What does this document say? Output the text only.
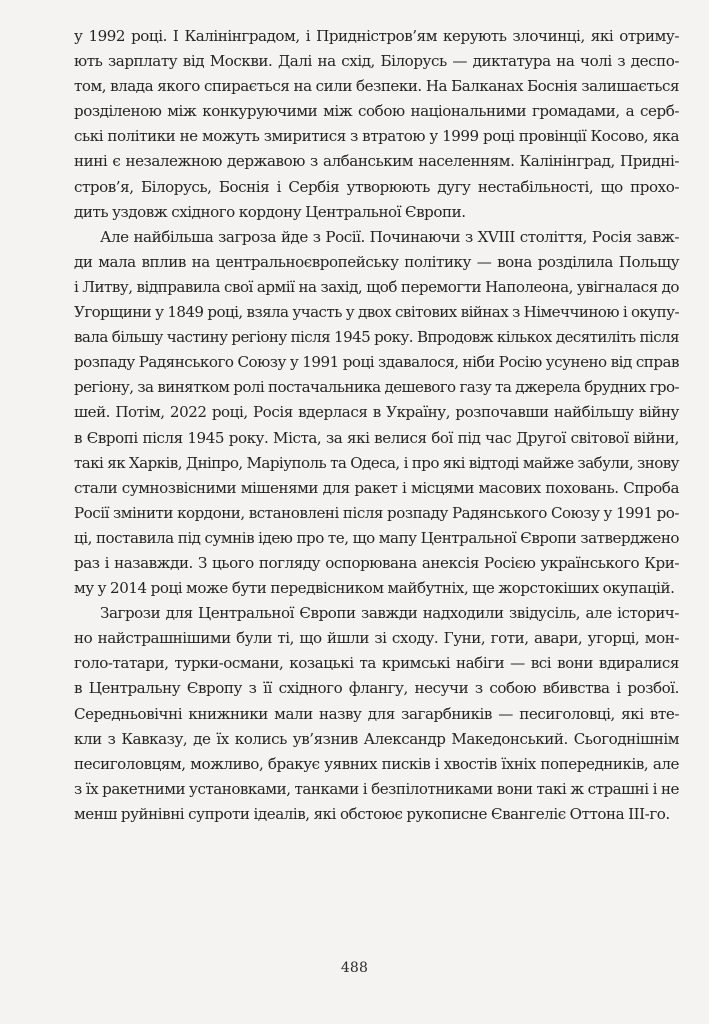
у 1992 році. І Калінінградом, і Придністров’ям керують злочинці, які отриму-
ють зарплату від Москви. Далі на схід, Білорусь — диктатура на чолі з деспо-
том, влада якого спирається на сили безпеки. На Балканах Боснія залишається
розділеною між конкуруючими між собою національними громадами, а серб-
ські політики не можуть змиритися з втратою у 1999 році провінції Косово, яка
нині є незалежною державою з албанським населенням. Калінінград, Придні-
стров’я, Білорусь, Боснія і Сербія утворюють дугу нестабільності, що прохо-
дить уздовж східного кордону Центральної Європи.
Але найбільша загроза йде з Росії. Починаючи з XVIII століття, Росія завж-
ди мала вплив на центральноєвропейську політику — вона розділила Польщу
і Литву, відправила свої армії на захід, щоб перемогти Наполеона, увігналася до
Угорщини у 1849 році, взяла участь у двох світових війнах з Німеччиною і окупу-
вала більшу частину регіону після 1945 року. Впродовж кількох десятиліть після
розпаду Радянського Союзу у 1991 році здавалося, ніби Росію усунено від справ
регіону, за винятком ролі постачальника дешевого газу та джерела брудних гро-
шей. Потім, 2022 році, Росія вдерлася в Україну, розпочавши найбільшу війну
в Європі після 1945 року. Міста, за які велися бої під час Другої світової війни,
такі як Харків, Дніпро, Маріуполь та Одеса, і про які відтоді майже забули, знову
стали сумнозвісними мішенями для ракет і місцями масових поховань. Спроба
Росії змінити кордони, встановлені після розпаду Радянського Союзу у 1991 ро-
ці, поставила під сумнів ідею про те, що мапу Центральної Європи затверджено
раз і назавжди. З цього погляду оспорювана анексія Росією українського Кри-
му у 2014 році може бути передвісником майбутніх, ще жорстокіших окупацій.
Загрози для Центральної Європи завжди надходили звідусіль, але історич-
но найстрашнішими були ті, що йшли зі сходу. Гуни, готи, авари, угорці, мон-
голо-татари, турки-османи, козацькі та кримські набіги — всі вони вдиралися
в Центральну Європу з її східного флангу, несучи з собою вбивства і розбої.
Середньовічні книжники мали назву для загарбників — песиголовці, які вте-
кли з Кавказу, де їх колись ув’язнив Александр Македонський. Сьогоднішнім
песиголовцям, можливо, бракує уявних писків і хвостів їхніх попередників, але
з їх ракетними установками, танками і безпілотниками вони такі ж страшні і не
менш руйнівні супроти ідеалів, які обстоює рукописне Євангеліє Оттона III-го.
488
